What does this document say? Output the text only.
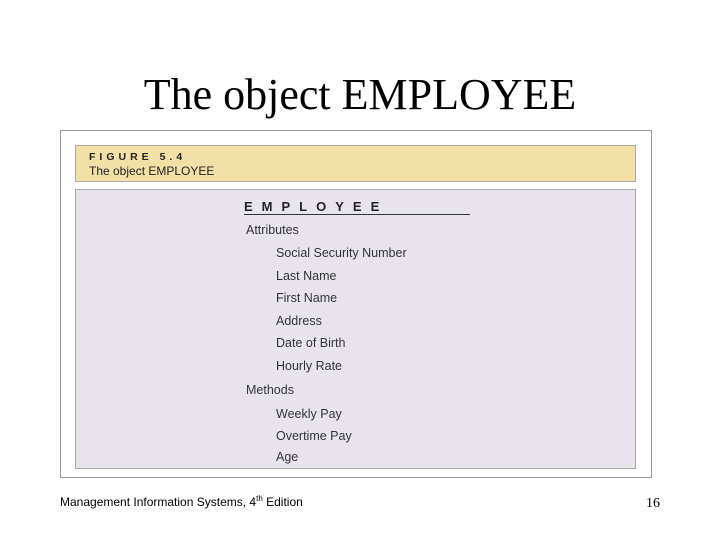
The object EMPLOYEE
FIGURE 5.4
The object EMPLOYEE
EMPLOYEE
Attributes
Social Security Number
Last Name
First Name
Address
Date of Birth
Hourly Rate
Methods
Weekly Pay
Overtime Pay
Age
Management Information Systems, 4th Edition	16
